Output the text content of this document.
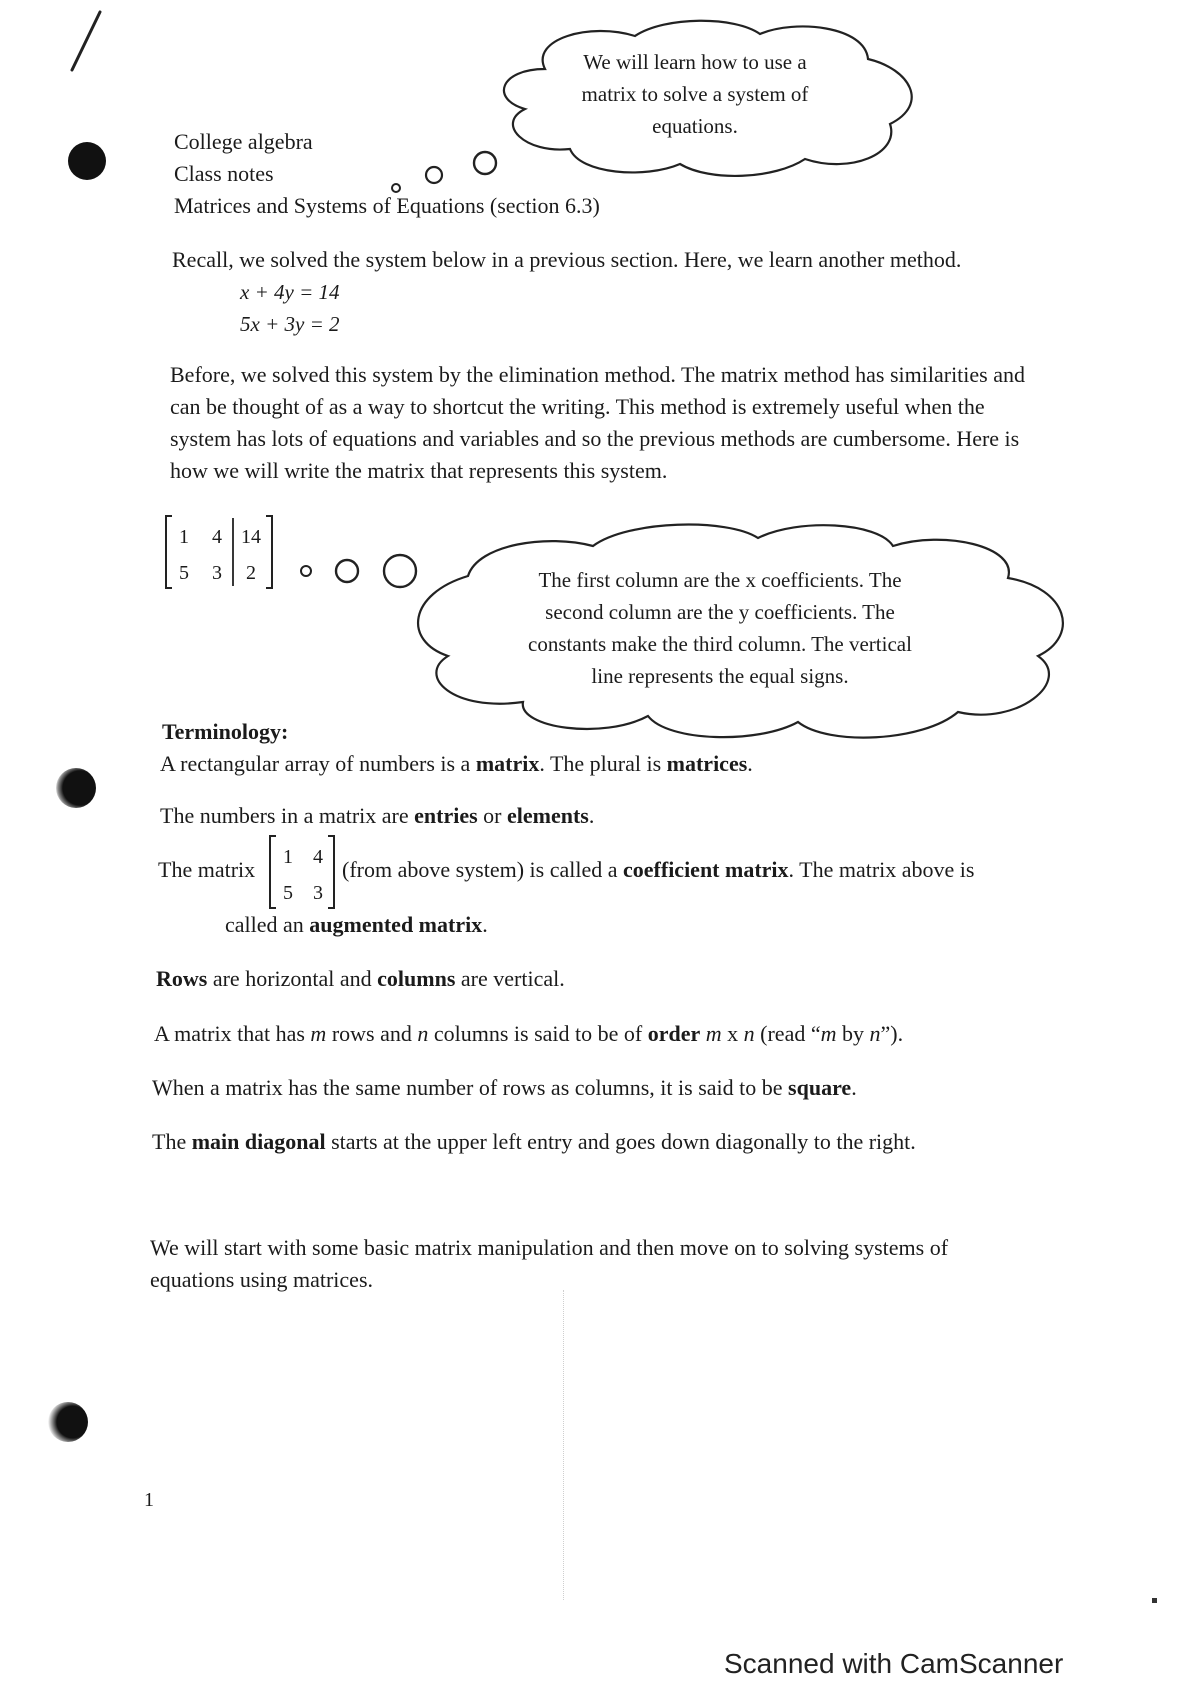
We will learn how to use a
matrix to solve a system of
equations.
College algebra
Class notes
Matrices and Systems of Equations (section 6.3)
Recall, we solved the system below in a previous section. Here, we learn another method.
x + 4y = 14
5x + 3y = 2
Before, we solved this system by the elimination method. The matrix method has similarities and
can be thought of as a way to shortcut the writing. This method is extremely useful when the
system has lots of equations and variables and so the previous methods are cumbersome. Here is
how we will write the matrix that represents this system.
1 4 14
5 3 2	The first column are the x coefficients. The
second column are the y coefficients. The
constants make the third column. The vertical
line represents the equal signs.
Terminology:
A rectangular array of numbers is a matrix. The plural is matrices.
The numbers in a matrix are entries or elements.
The matrix 1 4
5 3
(from above system) is called a coefficient matrix. The matrix above is
called an augmented matrix.
Rows are horizontal and columns are vertical.
A matrix that has m rows and n columns is said to be of order m x n (read “m by n”).
When a matrix has the same number of rows as columns, it is said to be square.
The main diagonal starts at the upper left entry and goes down diagonally to the right.
We will start with some basic matrix manipulation and then move on to solving systems of
equations using matrices.
1
Scanned with CamScanner
